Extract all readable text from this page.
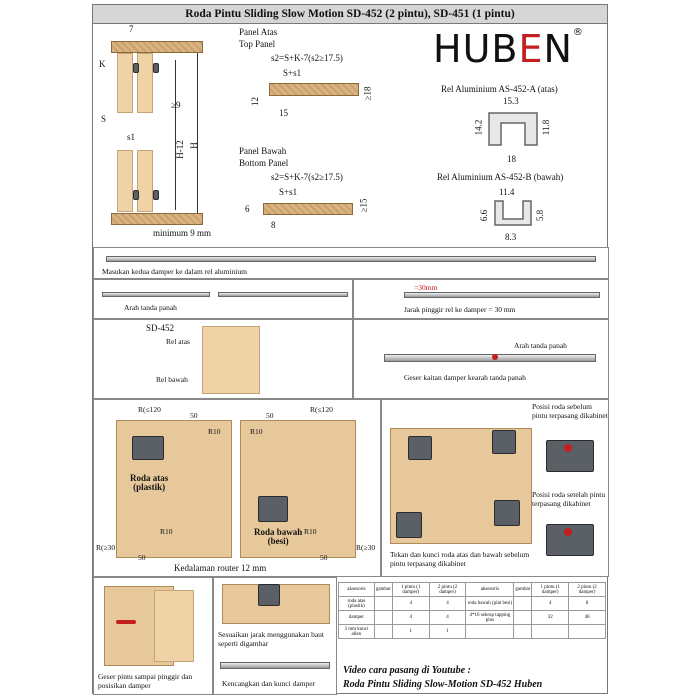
Roda Pintu Sliding Slow Motion SD-452 (2 pintu), SD-451 (1 pintu)
7
K
S
s1
≥9
H-12 H
minimum 9 mm
Panel Atas
Top Panel
s2=S+K-7(s2≥17.5)
S+s1
12
15
≥18
Panel Bawah
Bottom Panel
s2=S+K-7(s2≥17.5)
S+s1
6
8
≥15
HUBEN®
Rel Aluminium AS-452-A (atas)
15.3
14.2	11.8
18
Rel Aluminium AS-452-B (bawah)
11.4
6.6	5.8
8.3
Masukan kedua damper ke dalam rel aluminium
Arah tanda panah
=30mm
Jarak pinggir rel ke damper = 30 mm
SD-452
Rel atas
Rel bawah
Arah tanda panah
Geser kaitan damper kearah tanda panah
R(≤120
50
R(≤120
50
R10	R10
Roda atas
(plastik)
Roda bawah
(besi)
R(≥30
50
R10	R10
50
R(≥30
Kedalaman router 12 mm
Tekan dan kunci roda atas dan bawah sebelum pintu terpasang dikabinet
Posisi roda sebelum pintu terpasang dikabinet
Posisi roda setelah pintu terpasang dikabinet
Geser pintu sampai pinggir dan posisikan damper
Sesuaikan jarak menggunakan baut seperti digambar
Kencangkan dan kunci damper
aksesoris	gambar	1 pintu (1 damper)	2 pintu (2 damper)	aksesoris	gambar	1 pintu (1 damper)	2 pintu (2 damper)
roda atas (plastik)		4	4	roda bawah (plat besi)		4	8
damper		4	4	4*16 sekrup tapping plus		32	48
3 mm kunci allen		1	1				
Video cara pasang di Youtube :
Roda Pintu Sliding Slow-Motion SD-452 Huben
